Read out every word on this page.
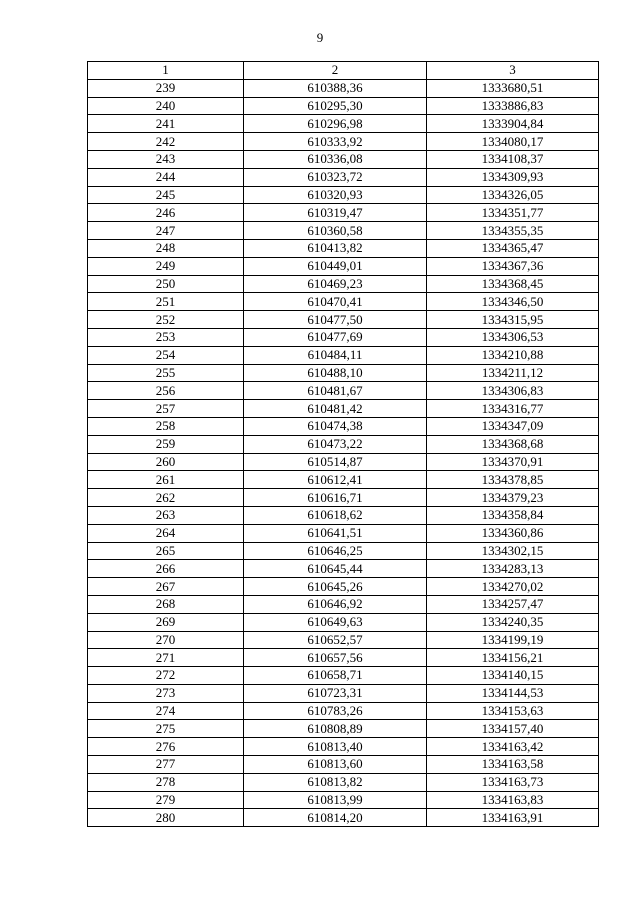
9
1	2	3
239	610388,36	1333680,51
240	610295,30	1333886,83
241	610296,98	1333904,84
242	610333,92	1334080,17
243	610336,08	1334108,37
244	610323,72	1334309,93
245	610320,93	1334326,05
246	610319,47	1334351,77
247	610360,58	1334355,35
248	610413,82	1334365,47
249	610449,01	1334367,36
250	610469,23	1334368,45
251	610470,41	1334346,50
252	610477,50	1334315,95
253	610477,69	1334306,53
254	610484,11	1334210,88
255	610488,10	1334211,12
256	610481,67	1334306,83
257	610481,42	1334316,77
258	610474,38	1334347,09
259	610473,22	1334368,68
260	610514,87	1334370,91
261	610612,41	1334378,85
262	610616,71	1334379,23
263	610618,62	1334358,84
264	610641,51	1334360,86
265	610646,25	1334302,15
266	610645,44	1334283,13
267	610645,26	1334270,02
268	610646,92	1334257,47
269	610649,63	1334240,35
270	610652,57	1334199,19
271	610657,56	1334156,21
272	610658,71	1334140,15
273	610723,31	1334144,53
274	610783,26	1334153,63
275	610808,89	1334157,40
276	610813,40	1334163,42
277	610813,60	1334163,58
278	610813,82	1334163,73
279	610813,99	1334163,83
280	610814,20	1334163,91
